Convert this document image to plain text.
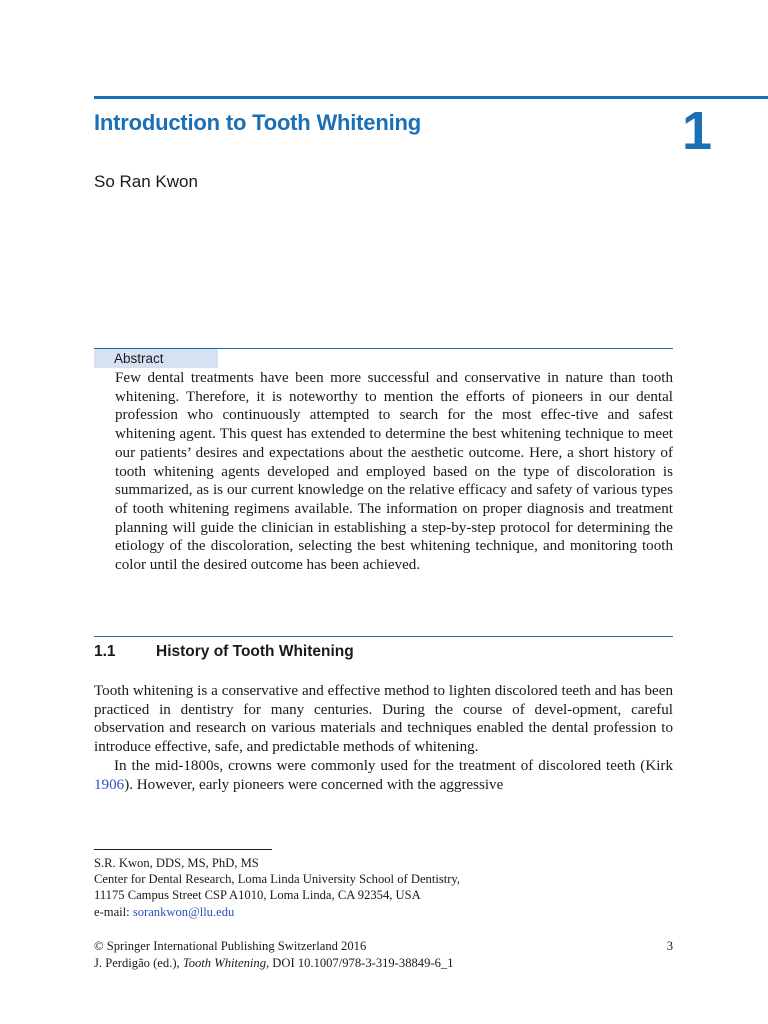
Introduction to Tooth Whitening	1
So Ran Kwon
Abstract

Few dental treatments have been more successful and conservative in nature than tooth whitening. Therefore, it is noteworthy to mention the efforts of pioneers in our dental profession who continuously attempted to search for the most effec-tive and safest whitening agent. This quest has extended to determine the best whitening technique to meet our patients’ desires and expectations about the aesthetic outcome. Here, a short history of tooth whitening agents developed and employed based on the type of discoloration is summarized, as is our current knowledge on the relative efficacy and safety of various types of tooth whitening regimens available. The information on proper diagnosis and treatment planning will guide the clinician in establishing a step-by-step protocol for determining the etiology of the discoloration, selecting the best whitening technique, and monitoring tooth color until the desired outcome has been achieved.

1.1	History of Tooth Whitening

Tooth whitening is a conservative and effective method to lighten discolored teeth and has been practiced in dentistry for many centuries. During the course of devel-opment, careful observation and research on various materials and techniques enabled the dental profession to introduce effective, safe, and predictable methods of whitening.

In the mid-1800s, crowns were commonly used for the treatment of discolored teeth (Kirk 1906). However, early pioneers were concerned with the aggressive

S.R. Kwon, DDS, MS, PhD, MS
Center for Dental Research, Loma Linda University School of Dentistry,
11175 Campus Street CSP A1010, Loma Linda, CA 92354, USA
e-mail: sorankwon@llu.edu
© Springer International Publishing Switzerland 2016
J. Perdigão (ed.), Tooth Whitening, DOI 10.1007/978-3-319-38849-6_1
3
